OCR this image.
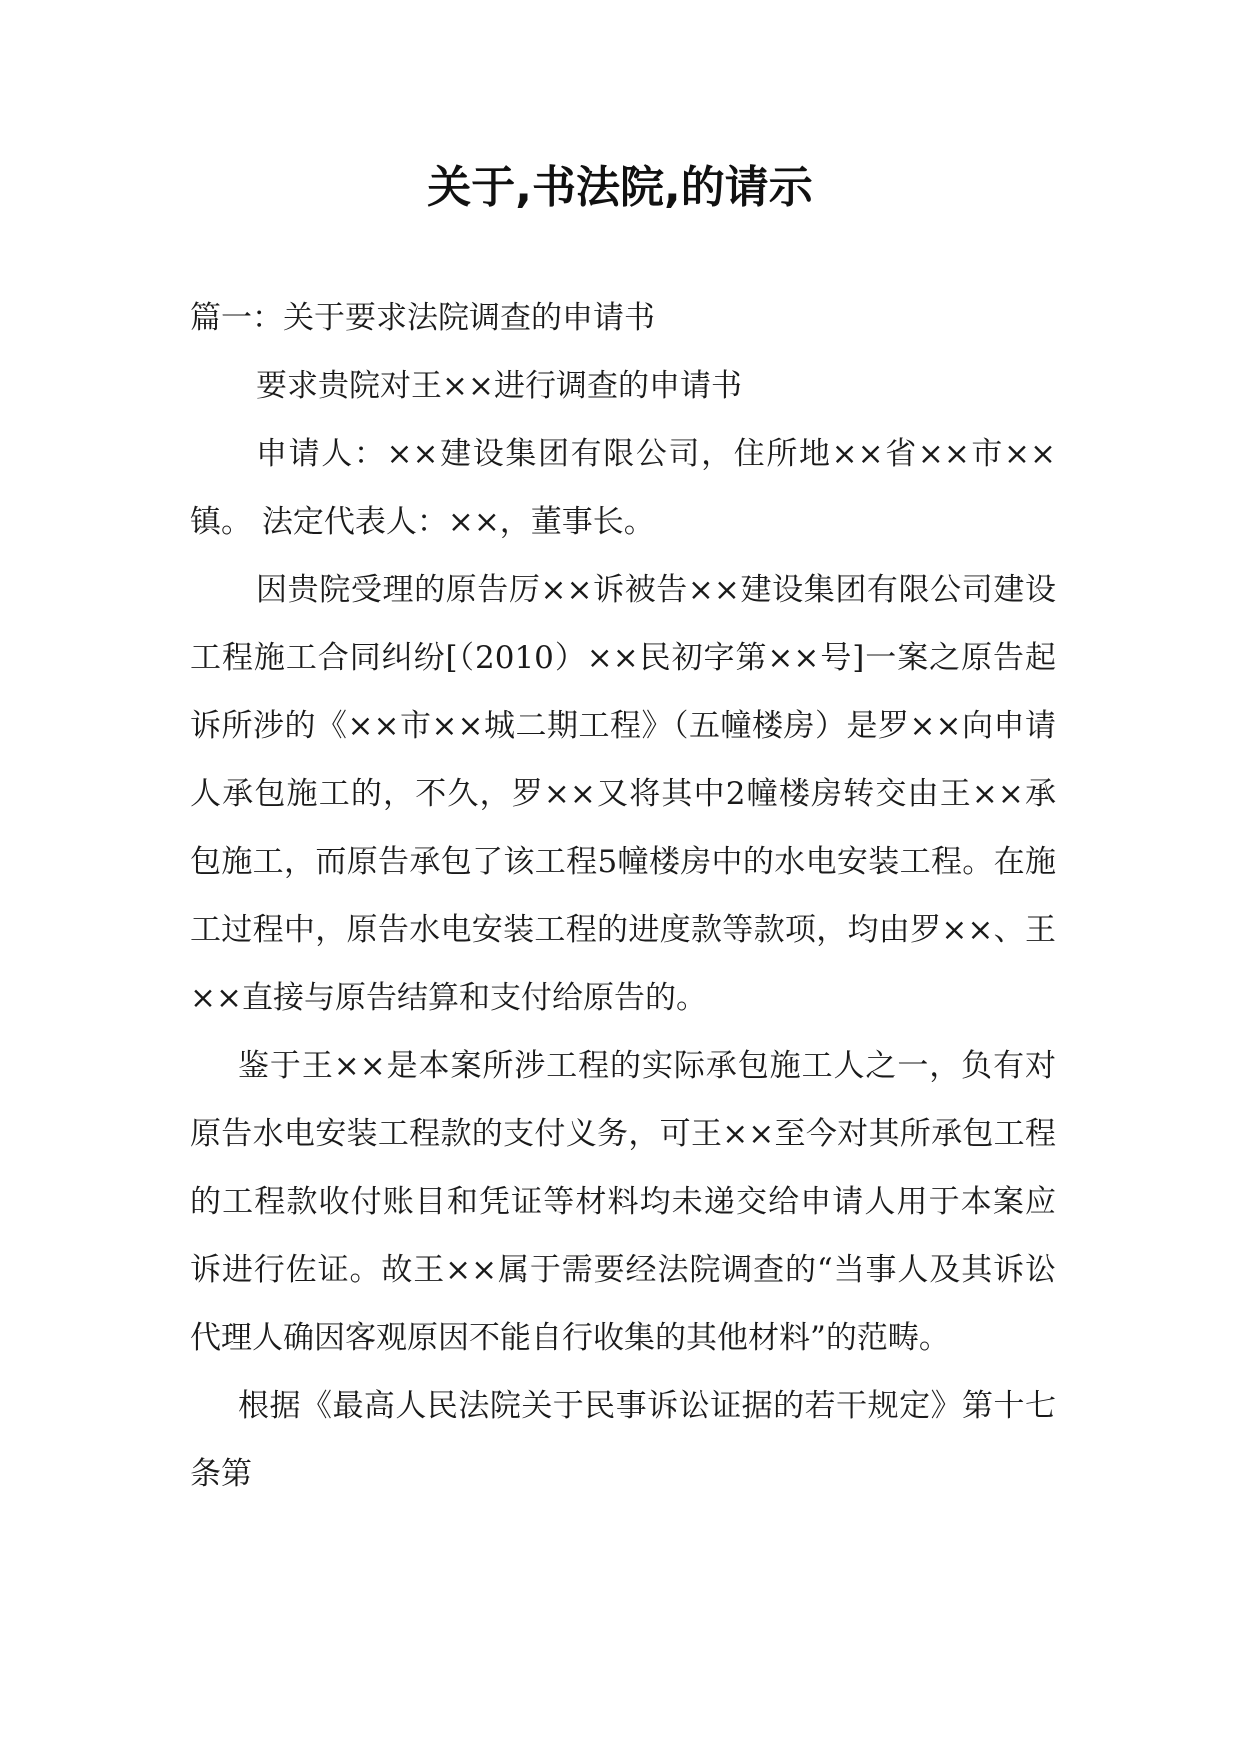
关于,书法院,的请示

篇一：关于要求法院调查的申请书

要求贵院对王××进行调查的申请书

申请人：××建设集团有限公司，住所地××省××市××镇。 法定代表人：××，董事长。

因贵院受理的原告厉××诉被告××建设集团有限公司建设工程施工合同纠纷[（2010）××民初字第××号]一案之原告起诉所涉的《××市××城二期工程》（五幢楼房）是罗××向申请人承包施工的，不久，罗××又将其中2幢楼房转交由王××承包施工，而原告承包了该工程5幢楼房中的水电安装工程。在施工过程中，原告水电安装工程的进度款等款项，均由罗××、王××直接与原告结算和支付给原告的。

鉴于王××是本案所涉工程的实际承包施工人之一，负有对原告水电安装工程款的支付义务，可王××至今对其所承包工程的工程款收付账目和凭证等材料均未递交给申请人用于本案应诉进行佐证。故王××属于需要经法院调查的“当事人及其诉讼代理人确因客观原因不能自行收集的其他材料”的范畴。

根据《最高人民法院关于民事诉讼证据的若干规定》第十七条第
